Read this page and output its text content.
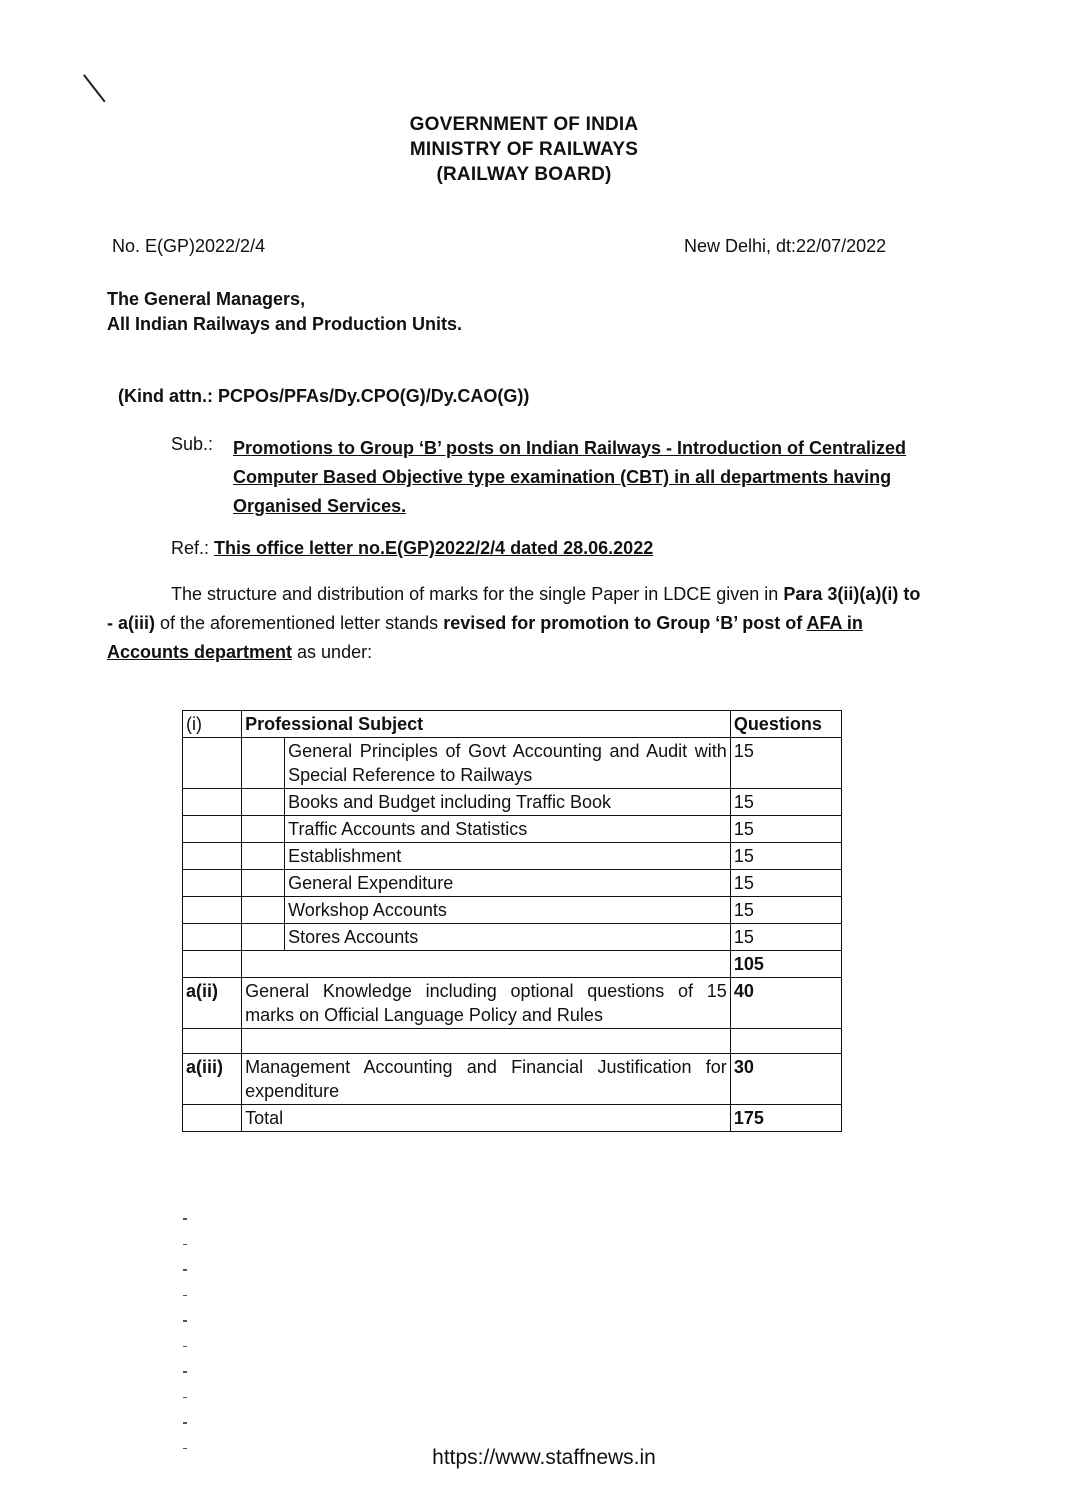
GOVERNMENT OF INDIA
MINISTRY OF RAILWAYS
(RAILWAY BOARD)
No. E(GP)2022/2/4	New Delhi, dt:22/07/2022
The General Managers,
All Indian Railways and Production Units.
(Kind attn.: PCPOs/PFAs/Dy.CPO(G)/Dy.CAO(G))
Sub.: Promotions to Group ‘B’ posts on Indian Railways - Introduction of Centralized Computer Based Objective type examination (CBT) in all departments having Organised Services.
Ref.: This office letter no.E(GP)2022/2/4 dated 28.06.2022
The structure and distribution of marks for the single Paper in LDCE given in Para 3(ii)(a)(i) to - a(iii) of the aforementioned letter stands revised for promotion to Group ‘B’ post of AFA in Accounts department as under:
(i)	Professional Subject		Questions
		General Principles of Govt Accounting and Audit with Special Reference to Railways	15
		Books and Budget including Traffic Book	15
		Traffic Accounts and Statistics	15
		Establishment	15
		General Expenditure	15
		Workshop Accounts	15
		Stores Accounts	15
			105
a(ii)	General Knowledge including optional questions of 15 marks on Official Language Policy and Rules		40

a(iii)	Management Accounting and Financial Justification for expenditure		30
	Total		175
https://www.staffnews.in
